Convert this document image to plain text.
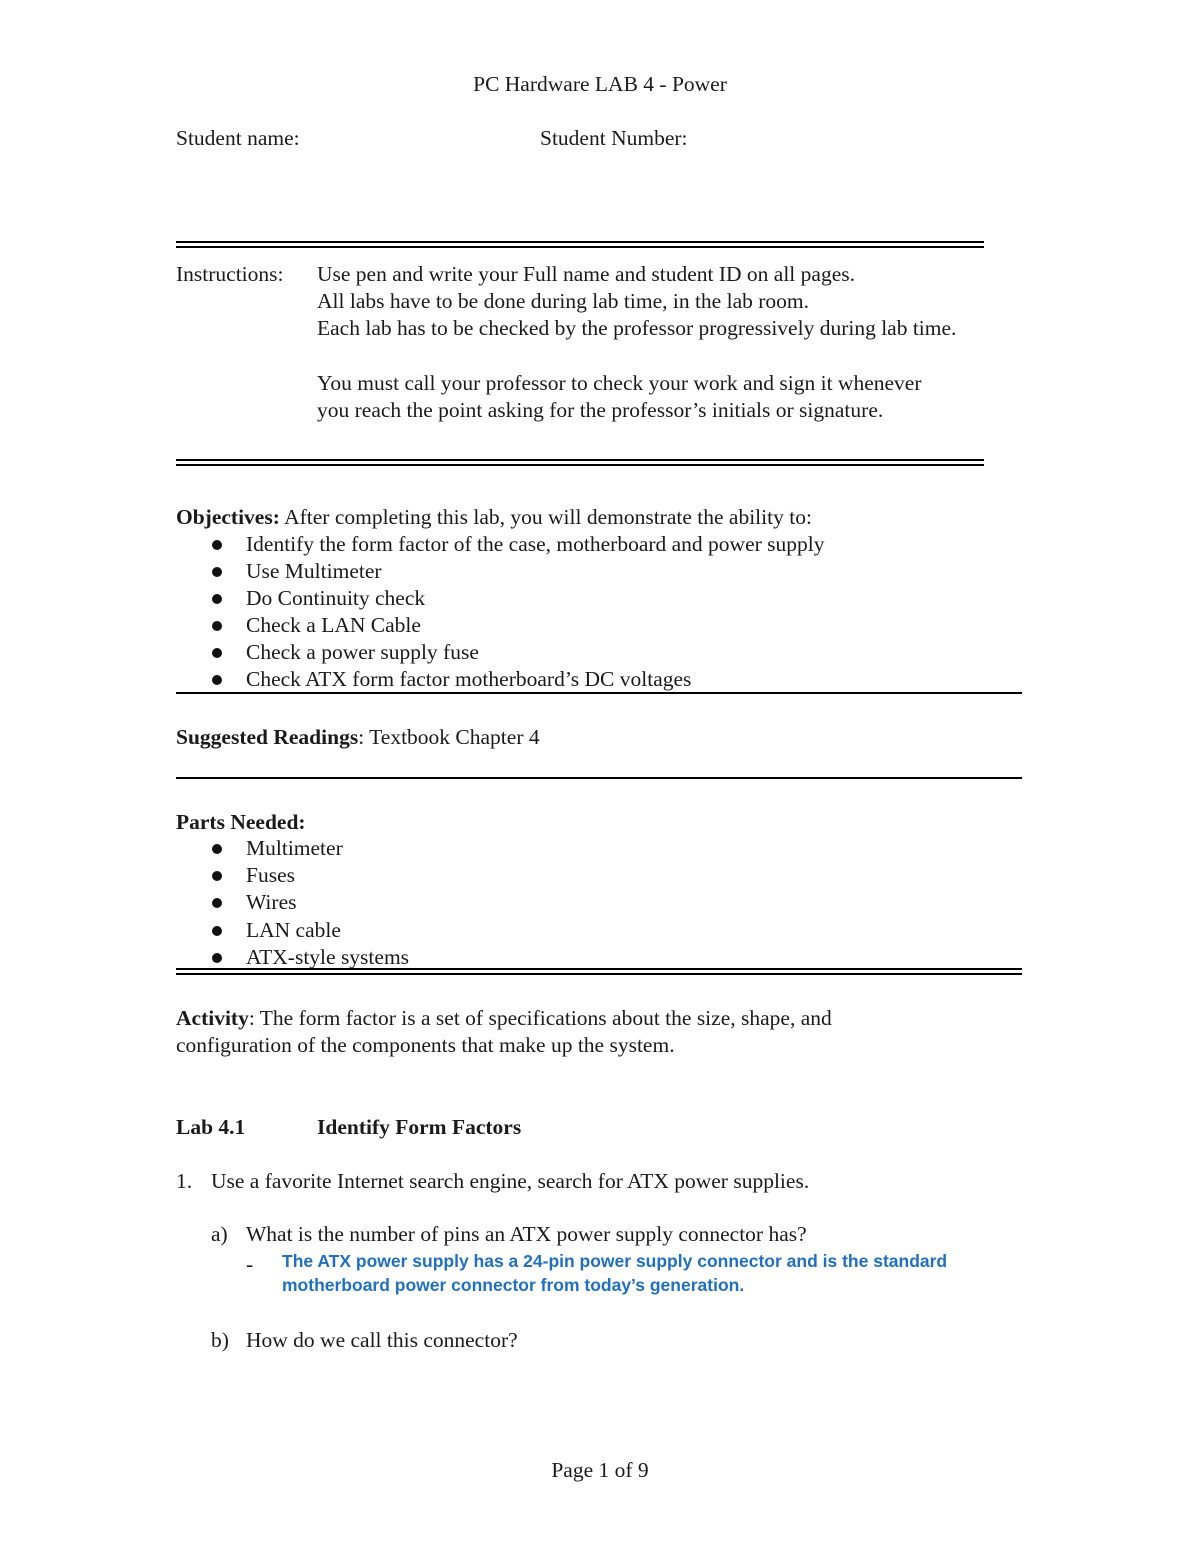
PC Hardware LAB 4 - Power
Student name:	Student Number:
Instructions: Use pen and write your Full name and student ID on all pages.
All labs have to be done during lab time, in the lab room.
Each lab has to be checked by the professor progressively during lab time.
You must call your professor to check your work and sign it whenever
you reach the point asking for the professor’s initials or signature.
Objectives: After completing this lab, you will demonstrate the ability to:
Identify the form factor of the case, motherboard and power supply
Use Multimeter
Do Continuity check
Check a LAN Cable
Check a power supply fuse
Check ATX form factor motherboard’s DC voltages
Suggested Readings: Textbook Chapter 4
Parts Needed:
Multimeter
Fuses
Wires
LAN cable
ATX-style systems
Activity: The form factor is a set of specifications about the size, shape, and
configuration of the components that make up the system.
Lab 4.1	Identify Form Factors
1. Use a favorite Internet search engine, search for ATX power supplies.
a) What is the number of pins an ATX power supply connector has?
- The ATX power supply has a 24-pin power supply connector and is the standard
motherboard power connector from today’s generation.
b) How do we call this connector?
Page 1 of 9
